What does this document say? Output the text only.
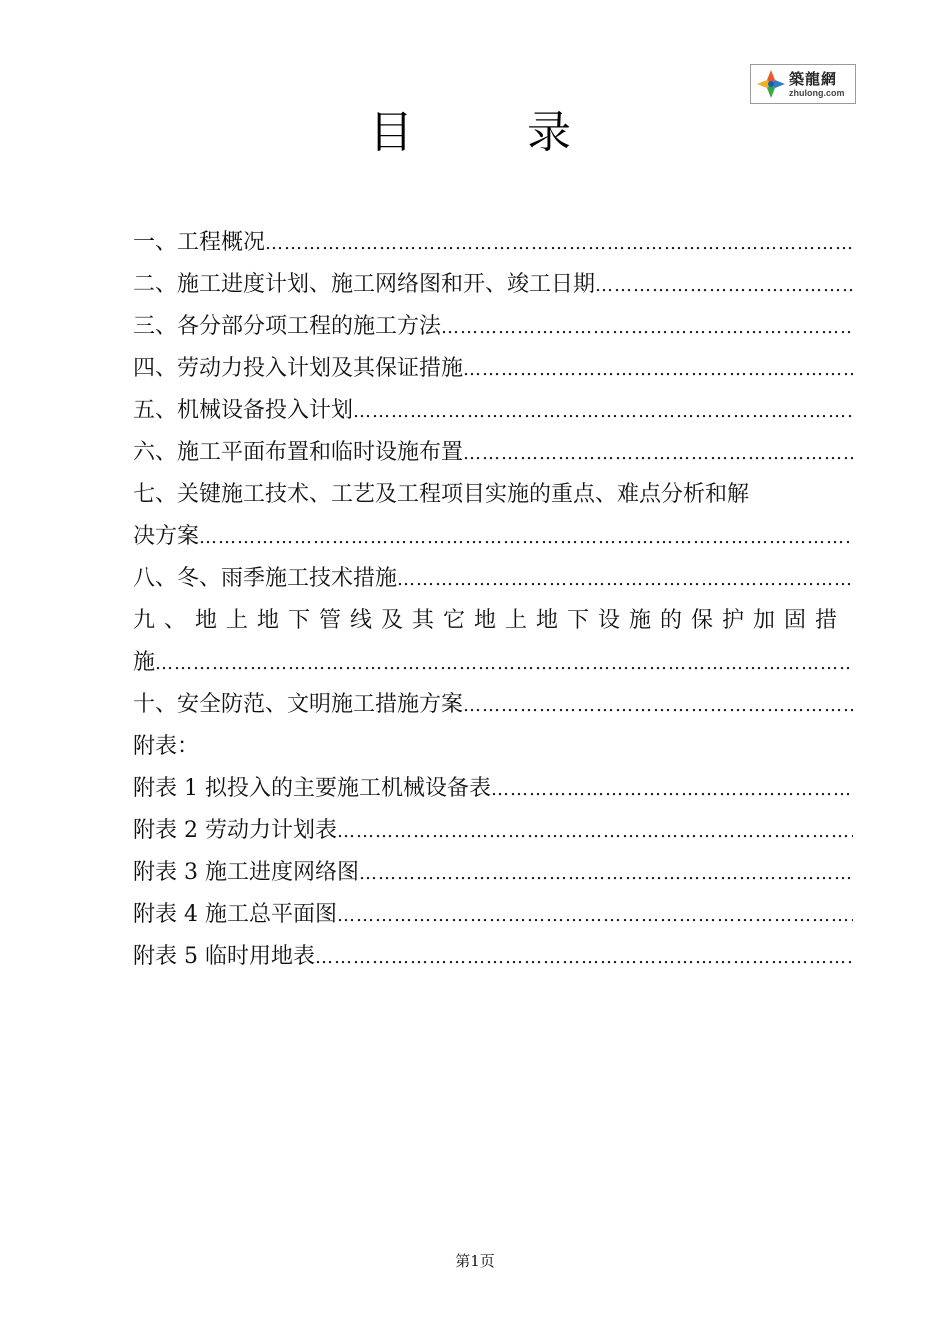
築龍網
zhulong.com
目 录
一、工程概况
………………………………………………………………………………………………………………………………………………
二、施工进度计划、施工网络图和开、竣工日期
………………………………………………………………………………………………………………………………………………
三、各分部分项工程的施工方法
………………………………………………………………………………………………………………………………………………
四、劳动力投入计划及其保证措施
………………………………………………………………………………………………………………………………………………
五、机械设备投入计划
………………………………………………………………………………………………………………………………………………
六、施工平面布置和临时设施布置
………………………………………………………………………………………………………………………………………………
七、关键施工技术、工艺及工程项目实施的重点、难点分析和解
决方案
………………………………………………………………………………………………………………………………………………
八、冬、雨季施工技术措施
………………………………………………………………………………………………………………………………………………
九、地上地下管线及其它地上地下设施的保护加固措
施
………………………………………………………………………………………………………………………………………………
十、安全防范、文明施工措施方案
………………………………………………………………………………………………………………………………………………
附表：
附表 1 拟投入的主要施工机械设备表
………………………………………………………………………………………………………………………………………………
附表 2 劳动力计划表
………………………………………………………………………………………………………………………………………………
附表 3 施工进度网络图
………………………………………………………………………………………………………………………………………………
附表 4 施工总平面图
………………………………………………………………………………………………………………………………………………
附表 5 临时用地表
………………………………………………………………………………………………………………………………………………
第1页
